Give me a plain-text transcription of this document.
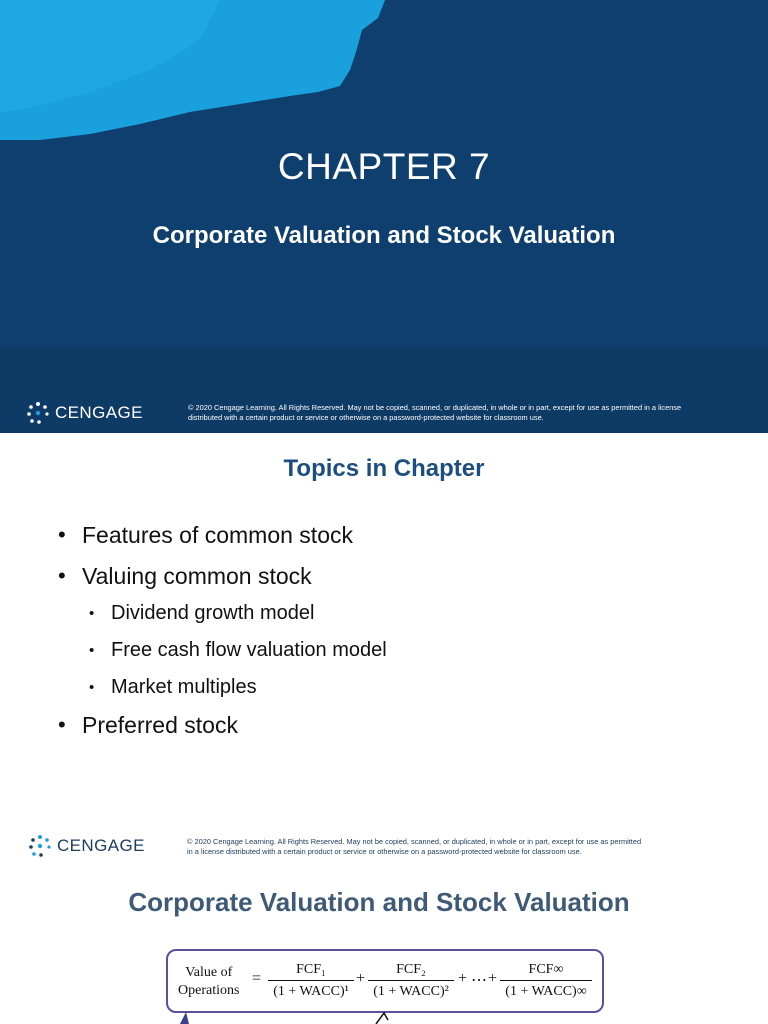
CHAPTER 7
Corporate Valuation and Stock Valuation
CENGAGE	© 2020 Cengage Learning. All Rights Reserved. May not be copied, scanned, or duplicated, in whole or in part, except for use as permitted in a license
distributed with a certain product or service or otherwise on a password-protected website for classroom use.
Topics in Chapter
• Features of common stock
• Valuing common stock
• Dividend growth model
• Free cash flow valuation model
• Market multiples
• Preferred stock
CENGAGE	© 2020 Cengage Learning. All Rights Reserved. May not be copied, scanned, or duplicated, in whole or in part, except for use as permitted
in a license distributed with a certain product or service or otherwise on a password-protected website for classroom use.
Corporate Valuation and Stock Valuation
Value of
Operations
=
FCF₁
(1 + WACC)¹
+
FCF₂
(1 + WACC)²
+ ⋯ +
FCF∞
(1 + WACC)∞
